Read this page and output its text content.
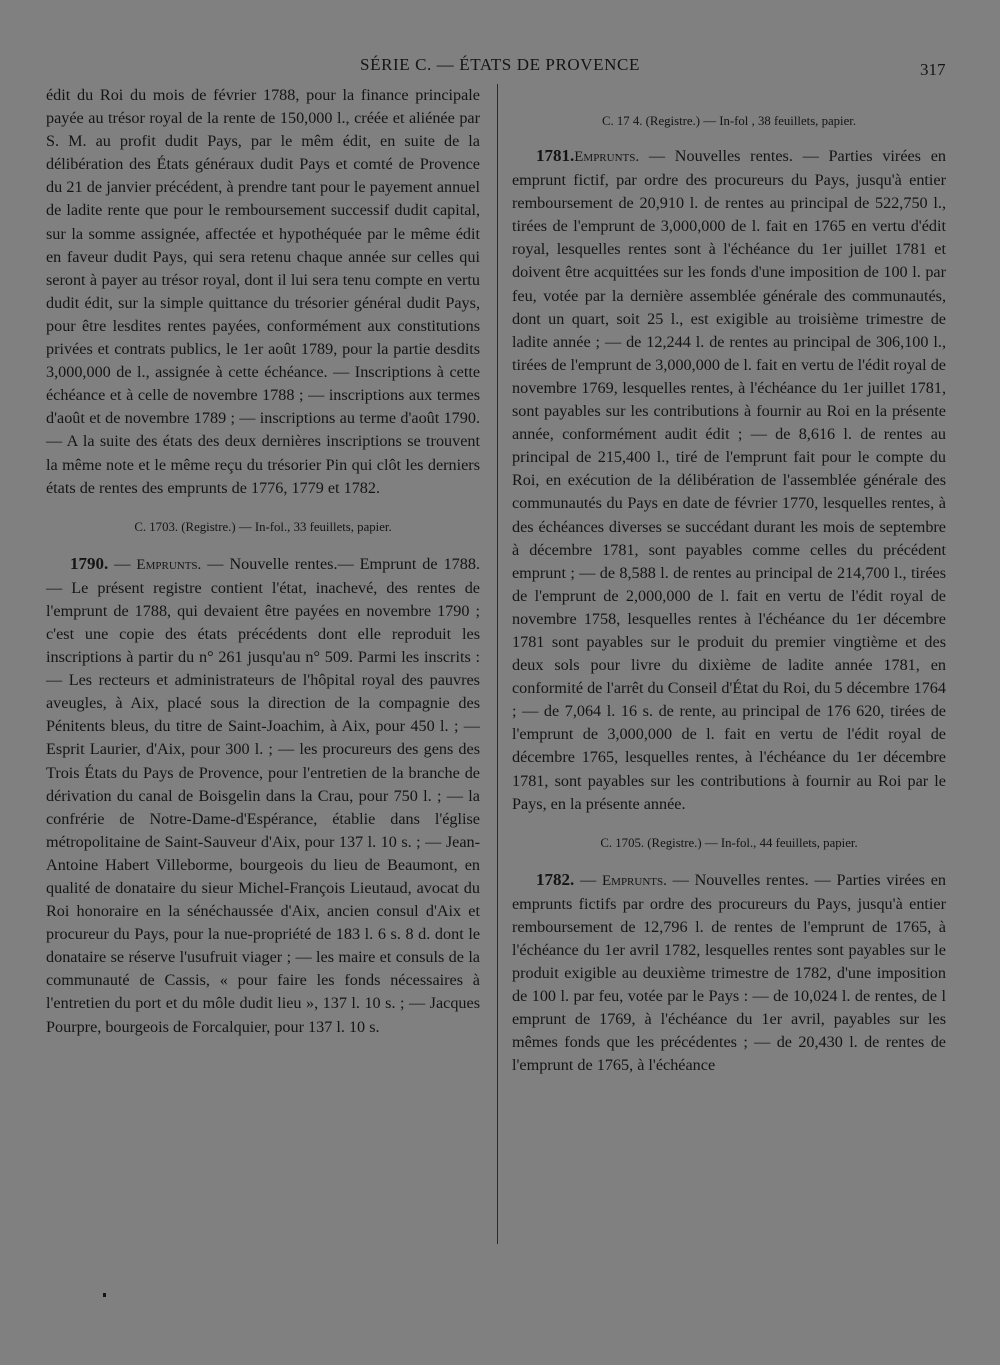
SÉRIE C. — ÉTATS DE PROVENCE	317

édit du Roi du mois de février 1788, pour la finance principale payée au trésor royal de la rente de 150,000 l., créée et aliénée par S. M. au profit dudit Pays, par le mêm édit, en suite de la délibération des États généraux dudit Pays et comté de Provence du 21 de janvier précédent, à prendre tant pour le payement annuel de ladite rente que pour le remboursement successif dudit capital, sur la somme assignée, affectée et hypothéquée par le même édit en faveur dudit Pays, qui sera retenu chaque année sur celles qui seront à payer au trésor royal, dont il lui sera tenu compte en vertu dudit édit, sur la simple quittance du trésorier général dudit Pays, pour être lesdites rentes payées, conformément aux constitutions privées et contrats publics, le 1er août 1789, pour la partie desdits 3,000,000 de l., assignée à cette échéance. — Inscriptions à cette échéance et à celle de novembre 1788 ; — inscriptions aux termes d'août et de novembre 1789 ; — inscriptions au terme d'août 1790. — A la suite des états des deux dernières inscriptions se trouvent la même note et le même reçu du trésorier Pin qui clôt les derniers états de rentes des emprunts de 1776, 1779 et 1782.

C. 1703. (Registre.) — In-fol., 33 feuillets, papier.

1790. — Emprunts. — Nouvelle rentes.— Emprunt de 1788. — Le présent registre contient l'état, inachevé, des rentes de l'emprunt de 1788, qui devaient être payées en novembre 1790 ; c'est une copie des états précédents dont elle reproduit les inscriptions à partir du n° 261 jusqu'au n° 509. Parmi les inscrits : — Les recteurs et administrateurs de l'hôpital royal des pauvres aveugles, à Aix, placé sous la direction de la compagnie des Pénitents bleus, du titre de Saint-Joachim, à Aix, pour 450 l. ; — Esprit Laurier, d'Aix, pour 300 l. ; — les procureurs des gens des Trois États du Pays de Provence, pour l'entretien de la branche de dérivation du canal de Boisgelin dans la Crau, pour 750 l. ; — la confrérie de Notre-Dame-d'Espérance, établie dans l'église métropolitaine de Saint-Sauveur d'Aix, pour 137 l. 10 s. ; — Jean-Antoine Habert Villeborme, bourgeois du lieu de Beaumont, en qualité de donataire du sieur Michel-François Lieutaud, avocat du Roi honoraire en la sénéchaussée d'Aix, ancien consul d'Aix et procureur du Pays, pour la nue-propriété de 183 l. 6 s. 8 d. dont le donataire se réserve l'usufruit viager ; — les maire et consuls de la communauté de Cassis, « pour faire les fonds nécessaires à l'entretien du port et du môle dudit lieu », 137 l. 10 s. ; — Jacques Pourpre, bourgeois de Forcalquier, pour 137 l. 10 s.

C. 17 4. (Registre.) — In-fol , 38 feuillets, papier.

1781.Emprunts. — Nouvelles rentes. — Parties virées en emprunt fictif, par ordre des procureurs du Pays, jusqu'à entier remboursement de 20,910 l. de rentes au principal de 522,750 l., tirées de l'emprunt de 3,000,000 de l. fait en 1765 en vertu d'édit royal, lesquelles rentes sont à l'échéance du 1er juillet 1781 et doivent être acquittées sur les fonds d'une imposition de 100 l. par feu, votée par la dernière assemblée générale des communautés, dont un quart, soit 25 l., est exigible au troisième trimestre de ladite année ; — de 12,244 l. de rentes au principal de 306,100 l., tirées de l'emprunt de 3,000,000 de l. fait en vertu de l'édit royal de novembre 1769, lesquelles rentes, à l'échéance du 1er juillet 1781, sont payables sur les contributions à fournir au Roi en la présente année, conformément audit édit ; — de 8,616 l. de rentes au principal de 215,400 l., tiré de l'emprunt fait pour le compte du Roi, en exécution de la délibération de l'assemblée générale des communautés du Pays en date de février 1770, lesquelles rentes, à des échéances diverses se succédant durant les mois de septembre à décembre 1781, sont payables comme celles du précédent emprunt ; — de 8,588 l. de rentes au principal de 214,700 l., tirées de l'emprunt de 2,000,000 de l. fait en vertu de l'édit royal de novembre 1758, lesquelles rentes à l'échéance du 1er décembre 1781 sont payables sur le produit du premier vingtième et des deux sols pour livre du dixième de ladite année 1781, en conformité de l'arrêt du Conseil d'État du Roi, du 5 décembre 1764 ; — de 7,064 l. 16 s. de rente, au principal de 176 620, tirées de l'emprunt de 3,000,000 de l. fait en vertu de l'édit royal de décembre 1765, lesquelles rentes, à l'échéance du 1er décembre 1781, sont payables sur les contributions à fournir au Roi par le Pays, en la présente année.

C. 1705. (Registre.) — In-fol., 44 feuillets, papier.

1782. — Emprunts. — Nouvelles rentes. — Parties virées en emprunts fictifs par ordre des procureurs du Pays, jusqu'à entier remboursement de 12,796 l. de rentes de l'emprunt de 1765, à l'échéance du 1er avril 1782, lesquelles rentes sont payables sur le produit exigible au deuxième trimestre de 1782, d'une imposition de 100 l. par feu, votée par le Pays : — de 10,024 l. de rentes, de l emprunt de 1769, à l'échéance du 1er avril, payables sur les mêmes fonds que les précédentes ; — de 20,430 l. de rentes de l'emprunt de 1765, à l'échéance
